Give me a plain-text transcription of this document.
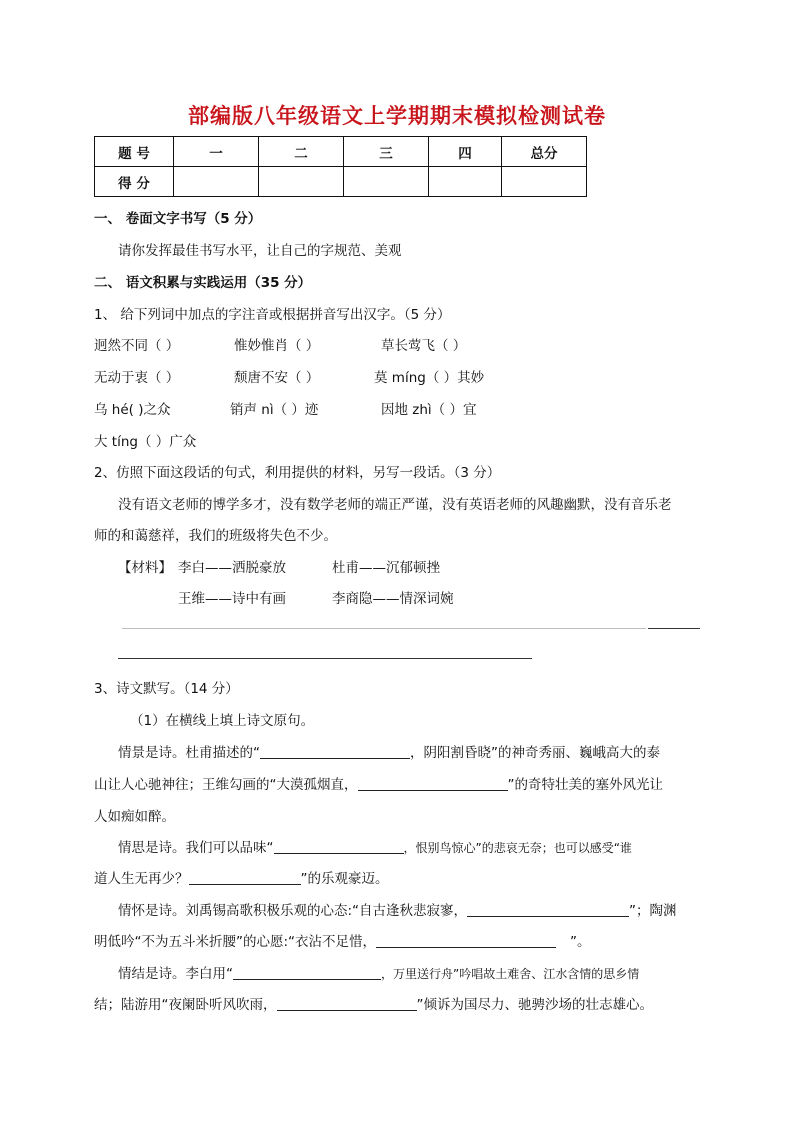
部编版八年级语文上学期期末模拟检测试卷
题 号	一	二	三	四	总分
得 分					
一、 卷面文字书写（5 分）
请你发挥最佳书写水平，让自己的字规范、美观
二、 语文积累与实践运用（35 分）
1、 给下列词中加点的字注音或根据拼音写出汉字。（5 分）
迥然不同（ ）	惟妙惟肖（ ）	草长莺飞（ ）
无动于衷（ ）	颓唐不安（ ）	莫 míng（ ）其妙
乌 hé( )之众	销声 nì（ ）迹	因地 zhì（ ）宜
大 tíng（ ）广众
2、仿照下面这段话的句式，利用提供的材料，另写一段话。（3 分）
没有语文老师的博学多才，没有数学老师的端正严谨，没有英语老师的风趣幽默，没有音乐老
师的和蔼慈祥，我们的班级将失色不少。
【材料】 李白——洒脱豪放	杜甫——沉郁顿挫
王维——诗中有画	李商隐——情深词婉
3、诗文默写。（14 分）
（1）在横线上填上诗文原句。
情景是诗。杜甫描述的“	，阴阳割昏晓”的神奇秀丽、巍峨高大的泰
山让人心驰神往；王维勾画的“大漠孤烟直，	”的奇特壮美的塞外风光让
人如痴如醉。
情思是诗。我们可以品味“	，恨别鸟惊心”的悲哀无奈；也可以感受“谁
道人生无再少？	”的乐观豪迈。
情怀是诗。刘禹锡高歌积极乐观的心态:“自古逢秋悲寂寥，	”；陶渊
明低吟“不为五斗米折腰”的心愿:“衣沾不足惜，	”。
情结是诗。李白用“	，万里送行舟”吟唱故土难舍、江水含情的思乡情
结；陆游用“夜阑卧听风吹雨，	”倾诉为国尽力、驰骋沙场的壮志雄心。
